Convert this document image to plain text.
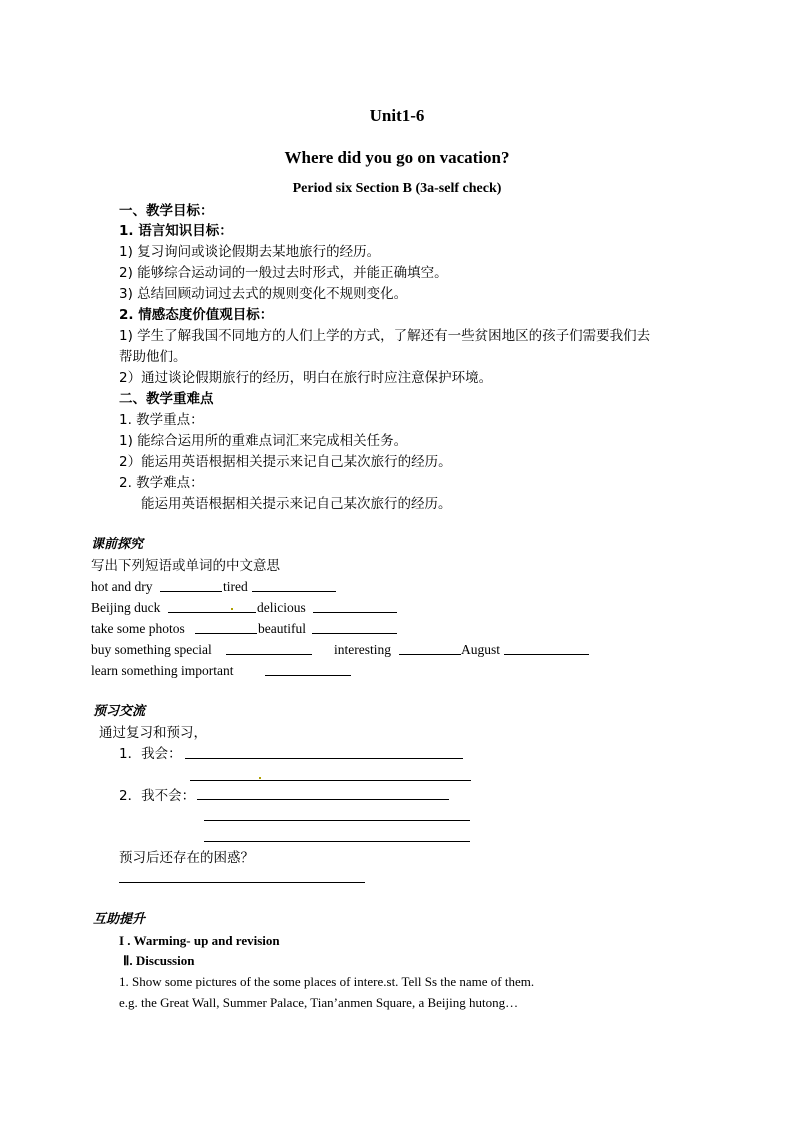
Unit1-6
Where did you go on vacation?
Period six Section B (3a-self check)
一、教学目标：
1. 语言知识目标：
1) 复习询问或谈论假期去某地旅行的经历。
2) 能够综合运动词的一般过去时形式，并能正确填空。
3) 总结回顾动词过去式的规则变化不规则变化。
2. 情感态度价值观目标：
1) 学生了解我国不同地方的人们上学的方式，了解还有一些贫困地区的孩子们需要我们去
帮助他们。
2）通过谈论假期旅行的经历，明白在旅行时应注意保护环境。
二、教学重难点
1. 教学重点：
1) 能综合运用所的重难点词汇来完成相关任务。
2）能运用英语根据相关提示来记自己某次旅行的经历。
2. 教学难点：
能运用英语根据相关提示来记自己某次旅行的经历。
课前探究
写出下列短语或单词的中文意思
hot and dry	tired
Beijing duck	delicious
take some photos	beautiful
buy something special	interesting	August
learn something important
预习交流
通过复习和预习，
1．我会：
2．我不会：
预习后还存在的困惑？
互助提升
I . Warming- up and revision
Ⅱ. Discussion
1. Show some pictures of the some places of intere.st. Tell Ss the name of them.
e.g. the Great Wall, Summer Palace, Tian’anmen Square, a Beijing hutong…
